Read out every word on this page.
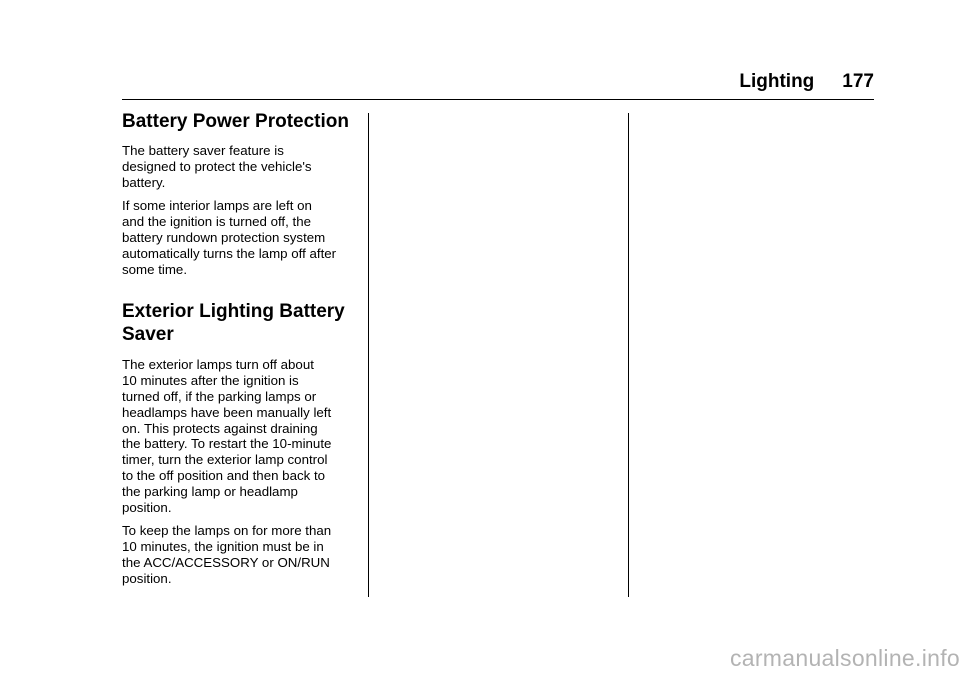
Lighting 177
Battery Power Protection

The battery saver feature is
designed to protect the vehicle's
battery.

If some interior lamps are left on
and the ignition is turned off, the
battery rundown protection system
automatically turns the lamp off after
some time.

Exterior Lighting Battery
Saver

The exterior lamps turn off about
10 minutes after the ignition is
turned off, if the parking lamps or
headlamps have been manually left
on. This protects against draining
the battery. To restart the 10-minute
timer, turn the exterior lamp control
to the off position and then back to
the parking lamp or headlamp
position.

To keep the lamps on for more than
10 minutes, the ignition must be in
the ACC/ACCESSORY or ON/RUN
position.

carmanualsonline.info
